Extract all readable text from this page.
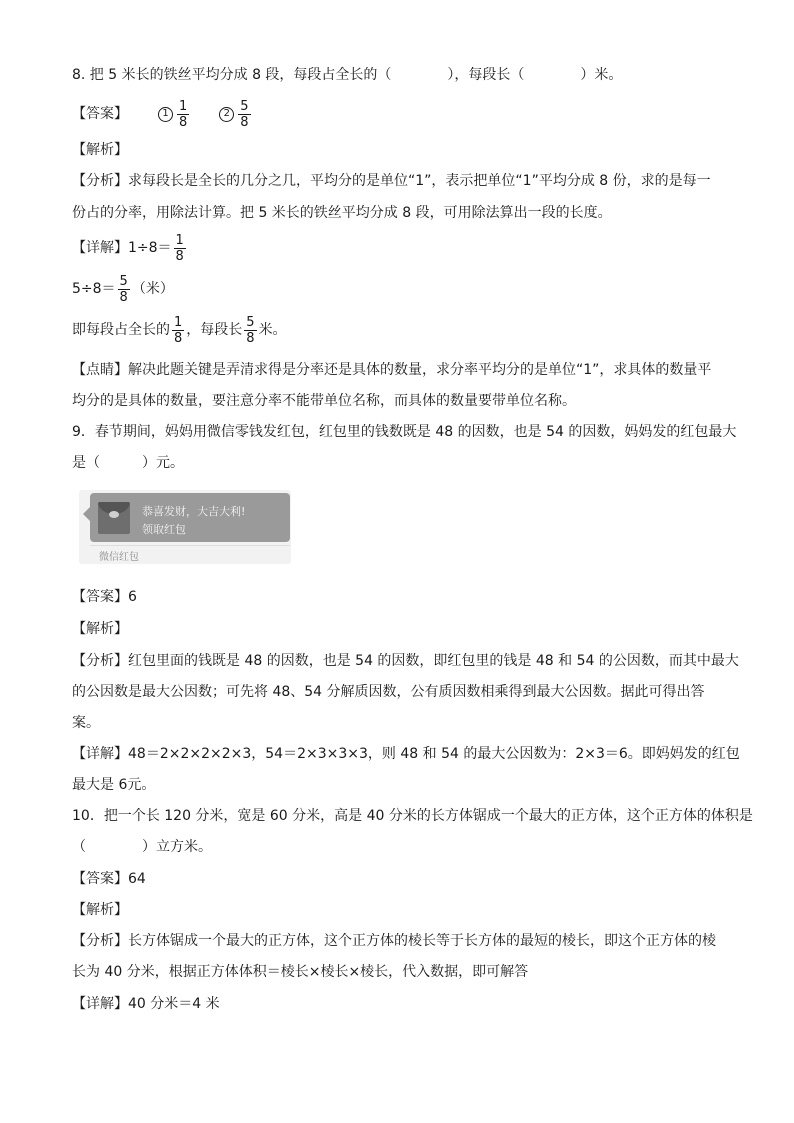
8. 把 5 米长的铁丝平均分成 8 段，每段占全长的（　　　　），每段长（　　　　）米。
【答案】	$1 \frac{1}{8}$	$2 \frac{5}{8}$
【解析】
【分析】求每段长是全长的几分之几，平均分的是单位“1”，表示把单位“1”平均分成 8 份，求的是每一
份占的分率，用除法计算。把 5 米长的铁丝平均分成 8 段，可用除法算出一段的长度。
【详解】$1\div 8= \frac{1}{8}$
$5\div 8= \frac{5}{8}$ （米）
即每段占全长的 $\frac{1}{8}$ ，每段长 $\frac{5}{8}$ 米。
【点睛】解决此题关键是弄清求得是分率还是具体的数量，求分率平均分的是单位“1”，求具体的数量平
均分的是具体的数量，要注意分率不能带单位名称，而具体的数量要带单位名称。
9．春节期间，妈妈用微信零钱发红包，红包里的钱数既是 48 的因数，也是 54 的因数，妈妈发的红包最大
是（　　　）元。
恭喜发财，大吉大利!
领取红包
微信红包
【答案】6
【解析】
【分析】红包里面的钱既是 48 的因数，也是 54 的因数，即红包里的钱是 48 和 54 的公因数，而其中最大
的公因数是最大公因数；可先将 48、54 分解质因数，公有质因数相乘得到最大公因数。据此可得出答
案。
【详解】48＝2×2×2×2×3，54＝2×3×3×3，则 48 和 54 的最大公因数为：2×3＝6。即妈妈发的红包
最大是 6元。
10．把一个长 120 分米，宽是 60 分米，高是 40 分米的长方体锯成一个最大的正方体，这个正方体的体积是
（　　　　）立方米。
【答案】64
【解析】
【分析】长方体锯成一个最大的正方体，这个正方体的棱长等于长方体的最短的棱长，即这个正方体的棱
长为 40 分米，根据正方体体积＝棱长×棱长×棱长，代入数据，即可解答
【详解】40 分米＝4 米
